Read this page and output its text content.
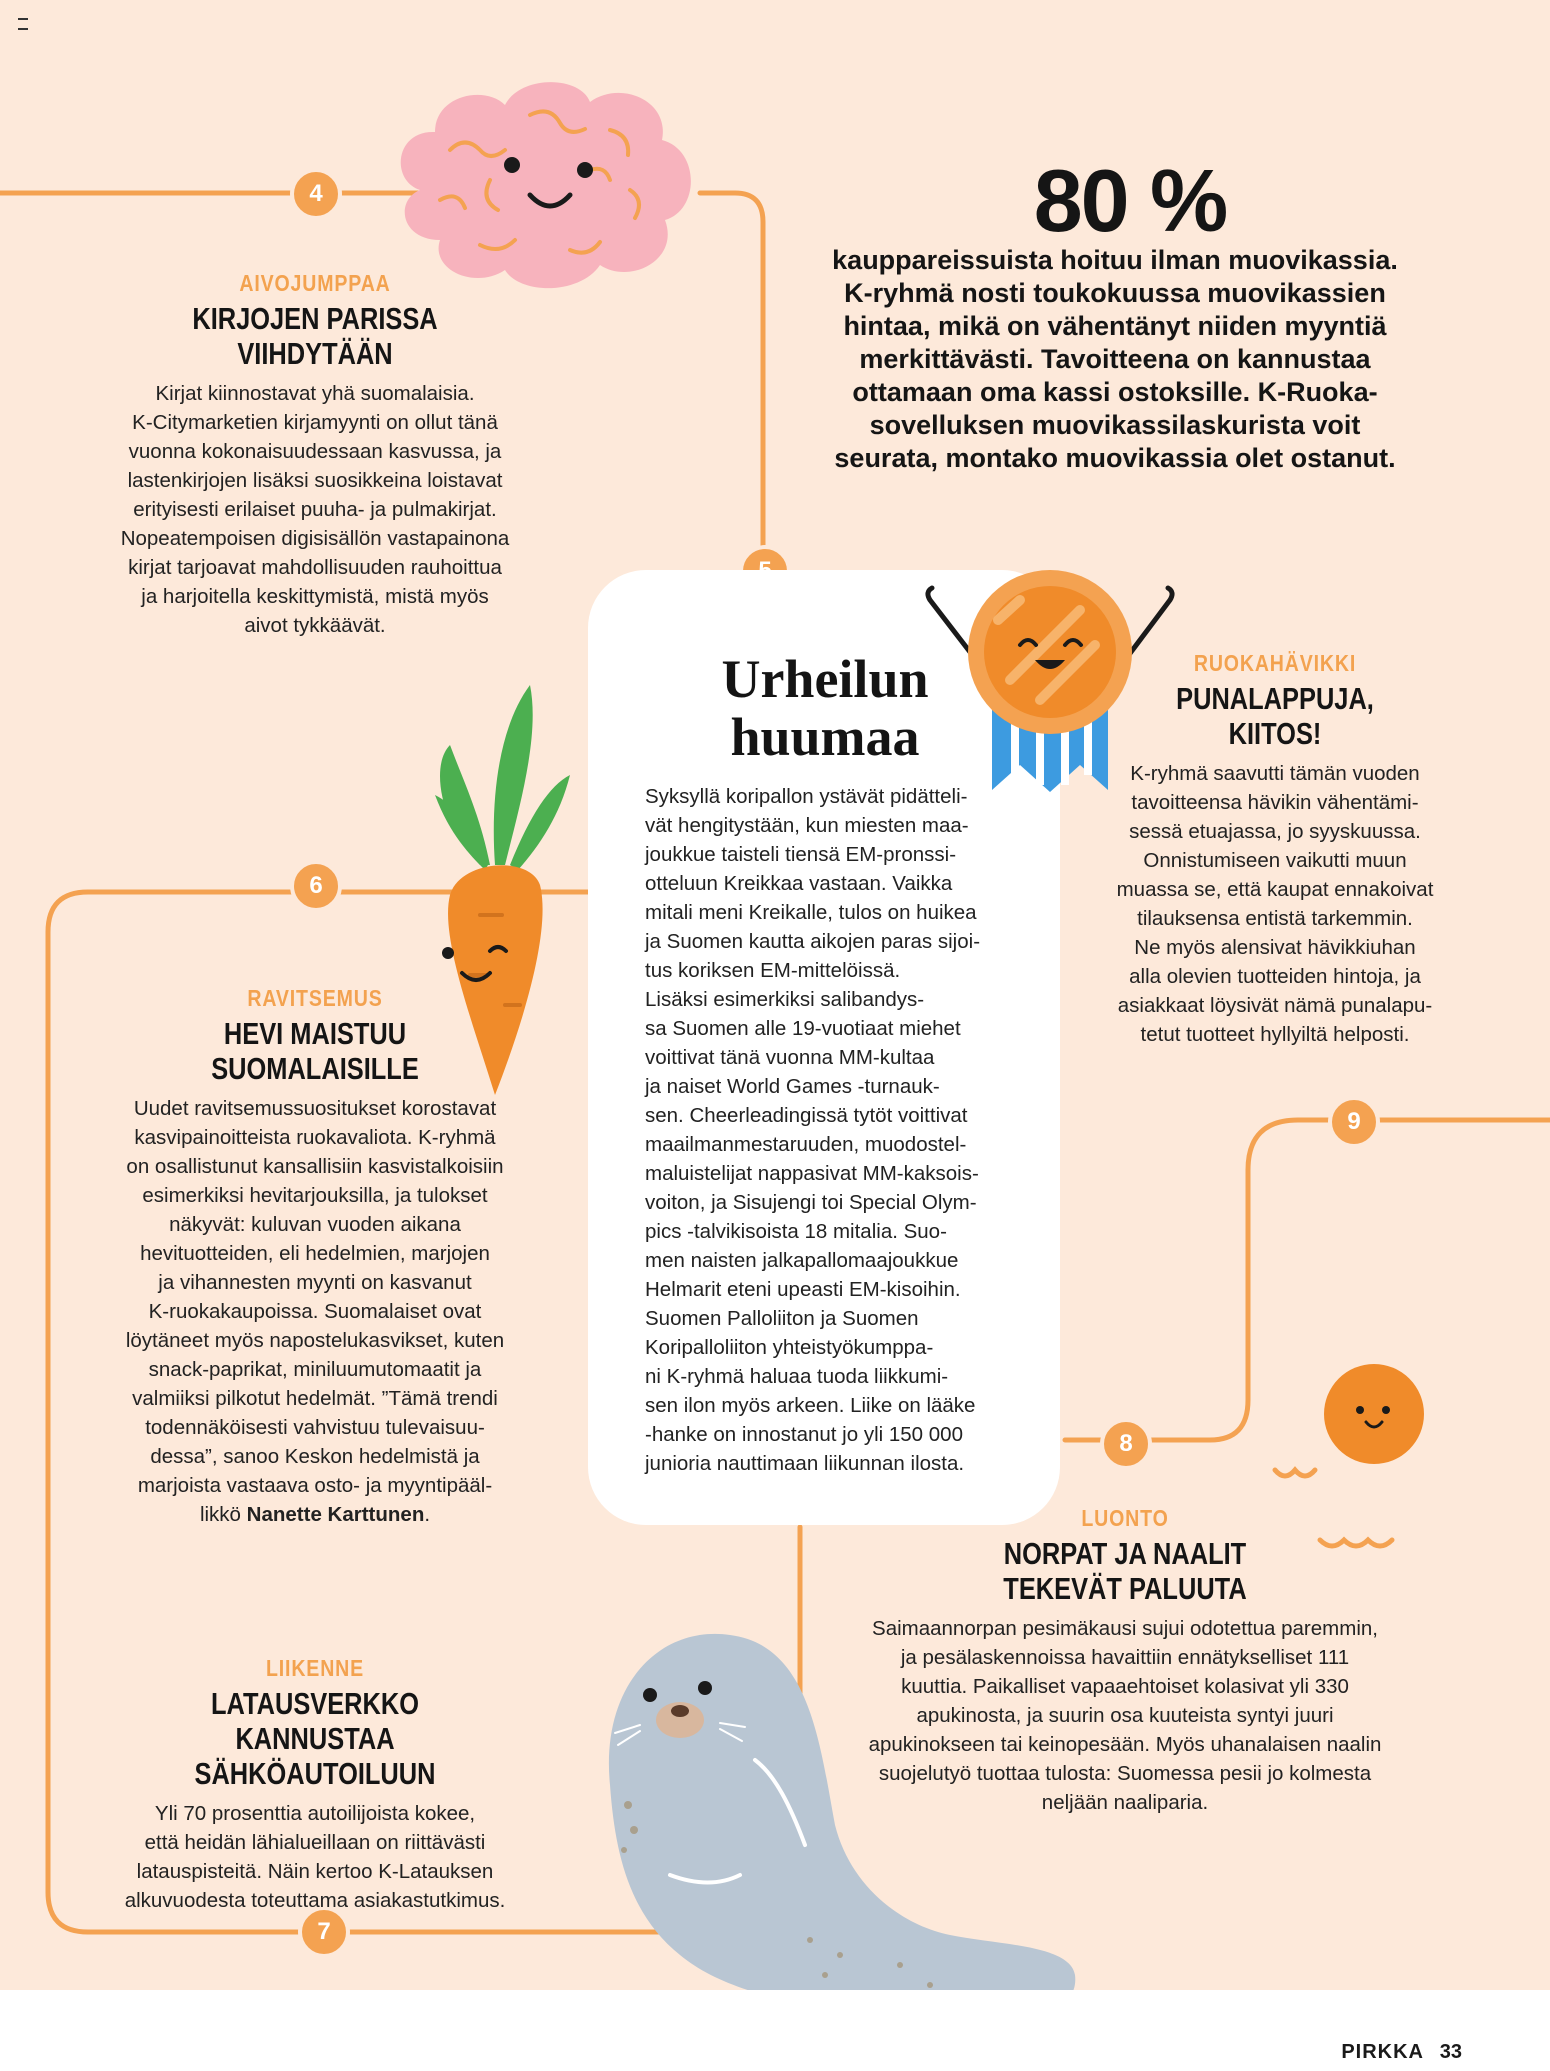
4
6
7
8
9
80 %
kauppareissuista hoituu ilman muovikassia.
K-ryhmä nosti toukokuussa muovikassien
hintaa, mikä on vähentänyt niiden myyntiä
merkittävästi. Tavoitteena on kannustaa
ottamaan oma kassi ostoksille. K-Ruoka-
sovelluksen muovikassilaskurista voit
seurata, montako muovikassia olet ostanut.
AIVOJUMPPAA
KIRJOJEN PARISSA
VIIHDYTÄÄN
Kirjat kiinnostavat yhä suomalaisia.
K-Citymarketien kirjamyynti on ollut tänä
vuonna kokonaisuudessaan kasvussa, ja
lastenkirjojen lisäksi suosikkeina loistavat
erityisesti erilaiset puuha- ja pulmakirjat.
Nopeatempoisen digisisällön vastapainona
kirjat tarjoavat mahdollisuuden rauhoittua
ja harjoitella keskittymistä, mistä myös
aivot tykkäävät.
RAVITSEMUS
HEVI MAISTUU
SUOMALAISILLE
Uudet ravitsemussuositukset korostavat
kasvipainoitteista ruokavaliota. K-ryhmä
on osallistunut kansallisiin kasvistalkoisiin
esimerkiksi hevitarjouksilla, ja tulokset
näkyvät: kuluvan vuoden aikana
hevituotteiden, eli hedelmien, marjojen
ja vihannesten myynti on kasvanut
K-ruokakaupoissa. Suomalaiset ovat
löytäneet myös napostelukasvikset, kuten
snack-paprikat, miniluumutomaatit ja
valmiiksi pilkotut hedelmät. ”Tämä trendi
todennäköisesti vahvistuu tulevaisuu-
dessa”, sanoo Keskon hedelmistä ja
marjoista vastaava osto- ja myyntipääl-
likkö Nanette Karttunen.
LIIKENNE
LATAUSVERKKO KANNUSTAA
SÄHKÖAUTOILUUN
Yli 70 prosenttia autoilijoista kokee,
että heidän lähialueillaan on riittävästi
latauspisteitä. Näin kertoo K-Latauksen
alkuvuodesta toteuttama asiakastutkimus.
Urheilun
huumaa
Syksyllä koripallon ystävät pidätteli-
vät hengitystään, kun miesten maa-
joukkue taisteli tiensä EM-pronssi-
otteluun Kreikkaa vastaan. Vaikka
mitali meni Kreikalle, tulos on huikea
ja Suomen kautta aikojen paras sijoi-
tus koriksen EM-mittelöissä.
Lisäksi esimerkiksi salibandys-
sa Suomen alle 19-vuotiaat miehet
voittivat tänä vuonna MM-kultaa
ja naiset World Games -turnauk-
sen. Cheerleadingissä tytöt voittivat
maailmanmestaruuden, muodostel-
maluistelijat nappasivat MM-kaksois-
voiton, ja Sisujengi toi Special Olym-
pics -talvikisoista 18 mitalia. Suo-
men naisten jalkapallomaajoukkue
Helmarit eteni upeasti EM-kisoihin.
Suomen Palloliiton ja Suomen
Koripalloliiton yhteistyökumppa-
ni K-ryhmä haluaa tuoda liikkumi-
sen ilon myös arkeen. Liike on lääke
-hanke on innostanut jo yli 150 000
junioria nauttimaan liikunnan ilosta.
RUOKAHÄVIKKI
PUNALAPPUJA,
KIITOS!
K-ryhmä saavutti tämän vuoden
tavoitteensa hävikin vähentämi-
sessä etuajassa, jo syyskuussa.
Onnistumiseen vaikutti muun
muassa se, että kaupat ennakoivat
tilauksensa entistä tarkemmin.
Ne myös alensivat hävikkiuhan
alla olevien tuotteiden hintoja, ja
asiakkaat löysivät nämä punalapu-
tetut tuotteet hyllyiltä helposti.
LUONTO
NORPAT JA NAALIT
TEKEVÄT PALUUTA
Saimaannorpan pesimäkausi sujui odotettua paremmin,
ja pesälaskennoissa havaittiin ennätykselliset 111
kuuttia. Paikalliset vapaaehtoiset kolasivat yli 330
apukinosta, ja suurin osa kuuteista syntyi juuri
apukinokseen tai keinopesään. Myös uhanalaisen naalin
suojelutyö tuottaa tulosta: Suomessa pesii jo kolmesta
neljään naaliparia.
PIRKKA 33
